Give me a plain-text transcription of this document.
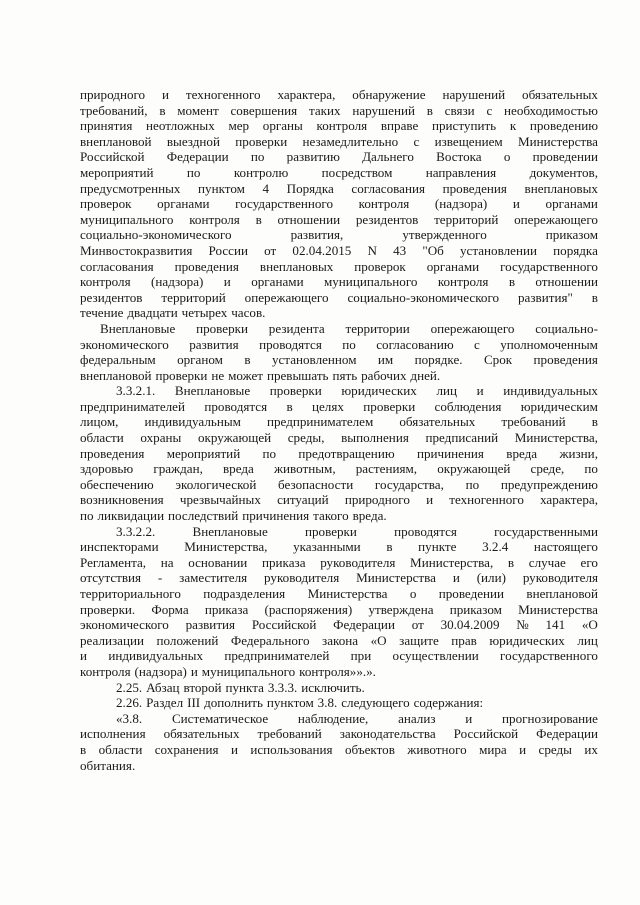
природного и техногенного характера, обнаружение нарушений обязательных
требований, в момент совершения таких нарушений в связи с необходимостью
принятия неотложных мер органы контроля вправе приступить к проведению
внеплановой выездной проверки незамедлительно с извещением Министерства
Российской Федерации по развитию Дальнего Востока о проведении
мероприятий	по	контролю	посредством	направления	документов,
предусмотренных пунктом 4 Порядка согласования проведения внеплановых
проверок органами государственного контроля (надзора) и органами
муниципального контроля в отношении резидентов территорий опережающего
социально-экономического	развития,	утвержденного	приказом
Минвостокразвития России от 02.04.2015 N 43 "Об установлении порядка
согласования проведения внеплановых проверок органами государственного
контроля (надзора) и органами муниципального контроля в отношении
резидентов территорий опережающего социально-экономического развития" в
течение двадцати четырех часов.
Внеплановые проверки резидента территории опережающего социально-
экономического развития проводятся по согласованию с уполномоченным
федеральным органом в установленном им порядке. Срок проведения
внеплановой проверки не может превышать пять рабочих дней.
3.3.2.1. Внеплановые проверки юридических лиц и индивидуальных
предпринимателей проводятся в целях проверки соблюдения юридическим
лицом, индивидуальным предпринимателем обязательных требований в
области охраны окружающей среды, выполнения предписаний Министерства,
проведения мероприятий по предотвращению причинения вреда жизни,
здоровью граждан, вреда животным, растениям, окружающей среде, по
обеспечению экологической безопасности государства, по предупреждению
возникновения чрезвычайных ситуаций природного и техногенного характера,
по ликвидации последствий причинения такого вреда.
3.3.2.2.	Внеплановые	проверки	проводятся	государственными
инспекторами Министерства, указанными в пункте 3.2.4 настоящего
Регламента, на основании приказа руководителя Министерства, в случае его
отсутствия - заместителя руководителя Министерства и (или) руководителя
территориального подразделения Министерства о проведении внеплановой
проверки. Форма приказа (распоряжения) утверждена приказом Министерства
экономического развития Российской Федерации от 30.04.2009 № 141 «О
реализации положений Федерального закона «О защите прав юридических лиц
и индивидуальных предпринимателей при осуществлении государственного
контроля (надзора) и муниципального контроля»».».
2.25. Абзац второй пункта 3.3.3. исключить.
2.26. Раздел III дополнить пунктом 3.8. следующего содержания:
«3.8. Систематическое наблюдение, анализ и прогнозирование
исполнения обязательных требований законодательства Российской Федерации
в области сохранения и использования объектов животного мира и среды их
обитания.
